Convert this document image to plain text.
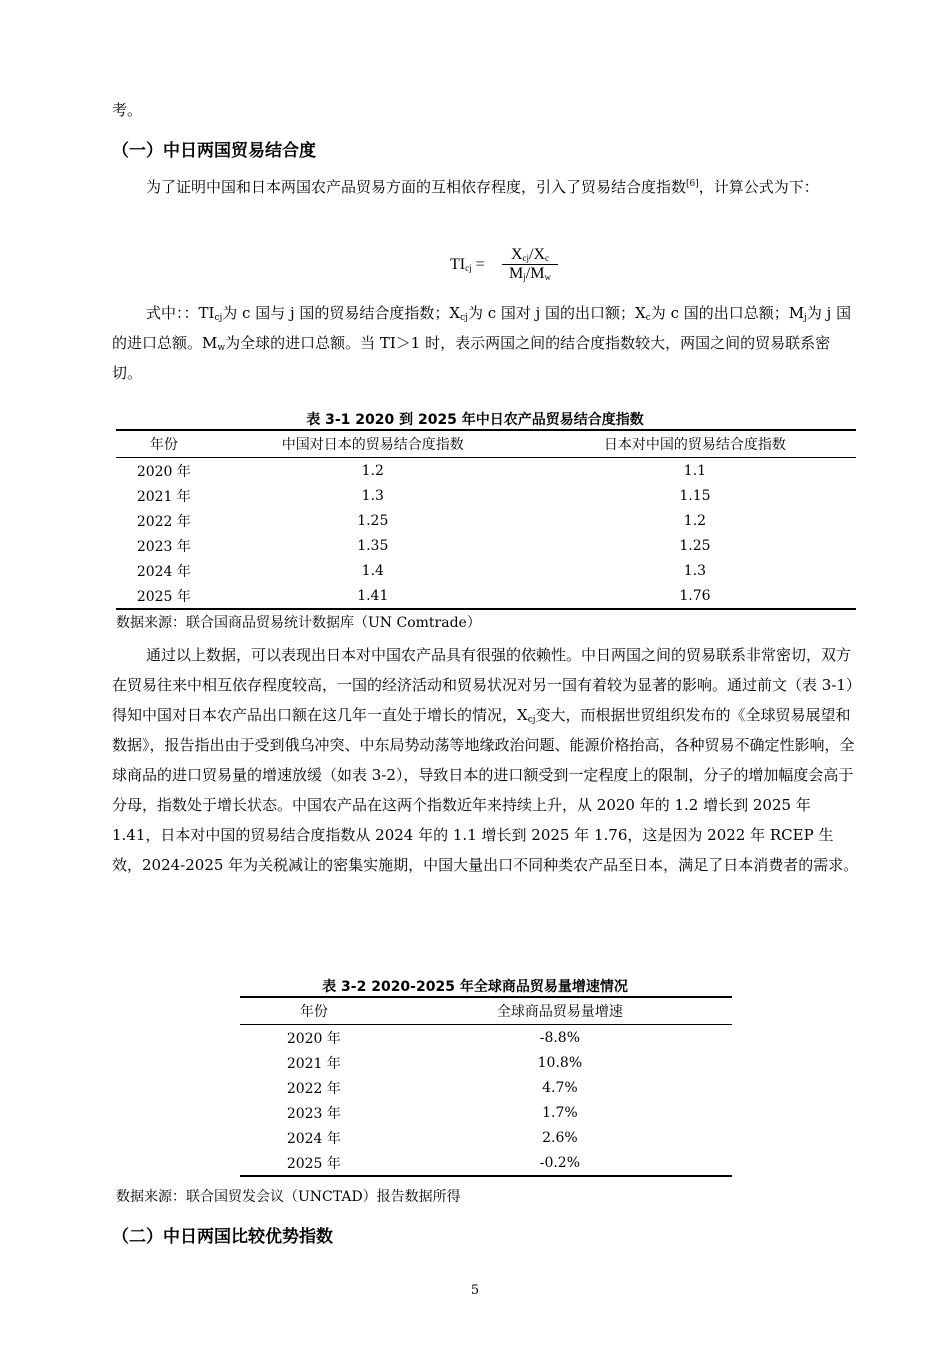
考。

（一）中日两国贸易结合度

为了证明中国和日本两国农产品贸易方面的互相依存程度，引入了贸易结合度指数[6]，计算公式为下：

$TI_{cj}$ =
$X_{cj}/X_c$
$M_j/M_w$

式中：：$TI_{cj}$为 c 国与 j 国的贸易结合度指数；$X_{cj}$为 c 国对 j 国的出口额；$X_c$为 c 国的出口总额；$M_j$为 j 国的进口总额。$M_w$为全球的进口总额。当 TI＞1 时，表示两国之间的结合度指数较大，两国之间的贸易联系密切。

表 3-1 2020 到 2025 年中日农产品贸易结合度指数
年份	中国对日本的贸易结合度指数	日本对中国的贸易结合度指数
2020 年	1.2	1.1
2021 年	1.3	1.15
2022 年	1.25	1.2
2023 年	1.35	1.25
2024 年	1.4	1.3
2025 年	1.41	1.76
数据来源：联合国商品贸易统计数据库（UN Comtrade）

通过以上数据，可以表现出日本对中国农产品具有很强的依赖性。中日两国之间的贸易联系非常密切，双方在贸易往来中相互依存程度较高，一国的经济活动和贸易状况对另一国有着较为显著的影响。通过前文（表 3-1）得知中国对日本农产品出口额在这几年一直处于增长的情况，$X_{cj}$变大，而根据世贸组织发布的《全球贸易展望和数据》，报告指出由于受到俄乌冲突、中东局势动荡等地缘政治问题、能源价格抬高，各种贸易不确定性影响，全球商品的进口贸易量的增速放缓（如表 3-2），导致日本的进口额受到一定程度上的限制，分子的增加幅度会高于分母，指数处于增长状态。中国农产品在这两个指数近年来持续上升，从 2020 年的 1.2 增长到 2025 年 1.41，日本对中国的贸易结合度指数从 2024 年的 1.1 增长到 2025 年 1.76，这是因为 2022 年 RCEP 生效，2024-2025 年为关税减让的密集实施期，中国大量出口不同种类农产品至日本，满足了日本消费者的需求。

表 3-2 2020-2025 年全球商品贸易量增速情况
年份	全球商品贸易量增速
2020 年	-8.8%
2021 年	10.8%
2022 年	4.7%
2023 年	1.7%
2024 年	2.6%
2025 年	-0.2%
数据来源：联合国贸发会议（UNCTAD）报告数据所得
（二）中日两国比较优势指数
5
